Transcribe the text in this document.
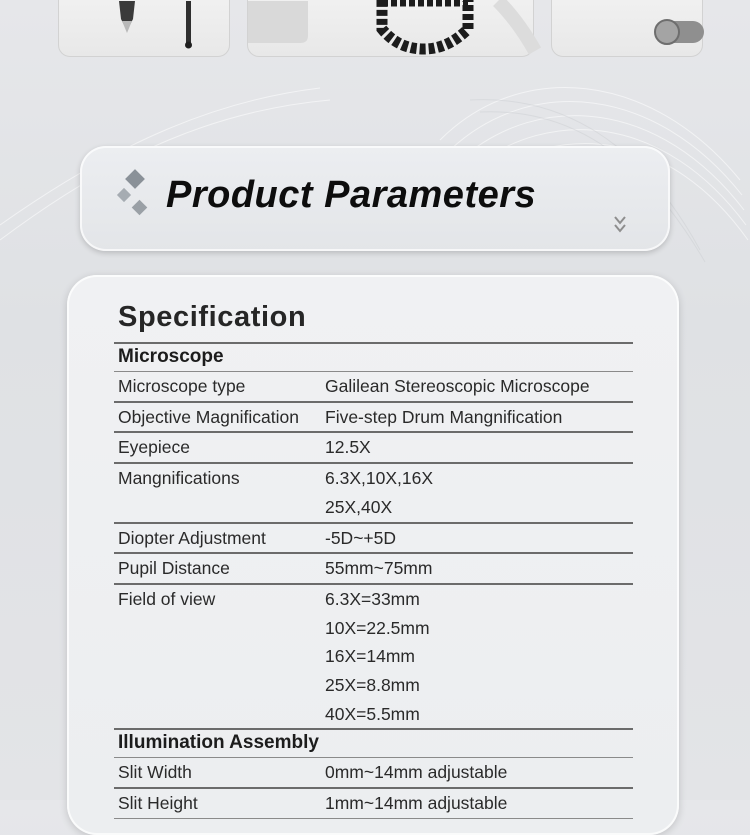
Product Parameters
Specification
Microscope
Microscope type	Galilean Stereoscopic Microscope
Objective Magnification	Five-step Drum Mangnification
Eyepiece	12.5X
Mangnifications	6.3X,10X,16X
25X,40X
Diopter Adjustment	-5D~+5D
Pupil Distance	55mm~75mm
Field of view	6.3X=33mm
10X=22.5mm
16X=14mm
25X=8.8mm
40X=5.5mm
Illumination Assembly
Slit Width	0mm~14mm adjustable
Slit Height	1mm~14mm adjustable
